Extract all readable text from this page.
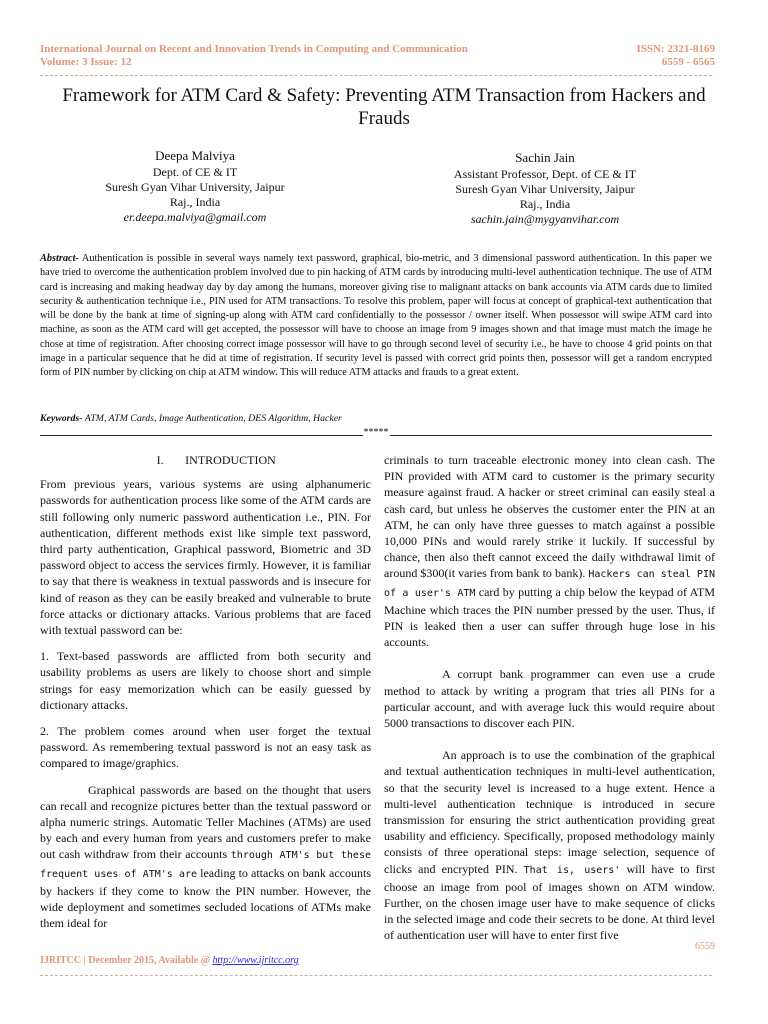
International Journal on Recent and Innovation Trends in Computing and Communication
Volume: 3 Issue: 12
ISSN: 2321-8169
6559 - 6565
Framework for ATM Card & Safety: Preventing ATM Transaction from Hackers and Frauds
Deepa Malviya
Dept. of CE & IT
Suresh Gyan Vihar University, Jaipur
Raj., India
er.deepa.malviya@gmail.com
Sachin Jain
Assistant Professor, Dept. of CE & IT
Suresh Gyan Vihar University, Jaipur
Raj., India
sachin.jain@mygyanvihar.com
Abstract- Authentication is possible in several ways namely text password, graphical, bio-metric, and 3 dimensional password authentication. In this paper we have tried to overcome the authentication problem involved due to pin hacking of ATM cards by introducing multi-level authentication technique. The use of ATM card is increasing and making headway day by day among the humans, moreover giving rise to malignant attacks on bank accounts via ATM cards due to limited security & authentication technique i.e., PIN used for ATM transactions. To resolve this problem, paper will focus at concept of graphical-text authentication that will be done by the bank at time of signing-up along with ATM card confidentially to the possessor / owner itself. When possessor will swipe ATM card into machine, as soon as the ATM card will get accepted, the possessor will have to choose an image from 9 images shown and that image must match the image he chose at time of registration. After choosing correct image possessor will have to go through second level of security i.e., he have to choose 4 grid points on that image in a particular sequence that he did at time of registration. If security level is passed with correct grid points then, possessor will get a random encrypted form of PIN number by clicking on chip at ATM window. This will reduce ATM attacks and frauds to a great extent.
Keywords- ATM, ATM Cards, Image Authentication, DES Algorithm, Hacker
*****

I. INTRODUCTION

From previous years, various systems are using alphanumeric passwords for authentication process like some of the ATM cards are still following only numeric password authentication i.e., PIN. For authentication, different methods exist like simple text password, third party authentication, Graphical password, Biometric and 3D password object to access the services firmly. However, it is familiar to say that there is weakness in textual passwords and is insecure for kind of reason as they can be easily breaked and vulnerable to brute force attacks or dictionary attacks. Various problems that are faced with textual password can be:

1. Text-based passwords are afflicted from both security and usability problems as users are likely to choose short and simple strings for easy memorization which can be easily guessed by dictionary attacks.

2. The problem comes around when user forget the textual password. As remembering textual password is not an easy task as compared to image/graphics.

Graphical passwords are based on the thought that users can recall and recognize pictures better than the textual password or alpha numeric strings. Automatic Teller Machines (ATMs) are used by each and every human from years and customers prefer to make out cash withdraw from their accounts through ATM's but these frequent uses of ATM's are leading to attacks on bank accounts by hackers if they come to know the PIN number. However, the wide deployment and sometimes secluded locations of ATMs make them ideal for

criminals to turn traceable electronic money into clean cash. The PIN provided with ATM card to customer is the primary security measure against fraud. A hacker or street criminal can easily steal a cash card, but unless he observes the customer enter the PIN at an ATM, he can only have three guesses to match against a possible 10,000 PINs and would rarely strike it luckily. If successful by chance, then also theft cannot exceed the daily withdrawal limit of around $300(it varies from bank to bank). Hackers can steal PIN of a user's ATM card by putting a chip below the keypad of ATM Machine which traces the PIN number pressed by the user. Thus, if PIN is leaked then a user can suffer through huge lose in his accounts.

A corrupt bank programmer can even use a crude method to attack by writing a program that tries all PINs for a particular account, and with average luck this would require about 5000 transactions to discover each PIN.

An approach is to use the combination of the graphical and textual authentication techniques in multi-level authentication, so that the security level is increased to a huge extent. Hence a multi-level authentication technique is introduced in secure transmission for ensuring the strict authentication providing great usability and efficiency. Specifically, proposed methodology mainly consists of three operational steps: image selection, sequence of clicks and encrypted PIN. That is, users' will have to first choose an image from pool of images shown on ATM window. Further, on the chosen image user have to make sequence of clicks in the selected image and code their secrets to be done. At third level of authentication user will have to enter first five

6559
IJRITCC | December 2015, Available @ http://www.ijritcc.org
